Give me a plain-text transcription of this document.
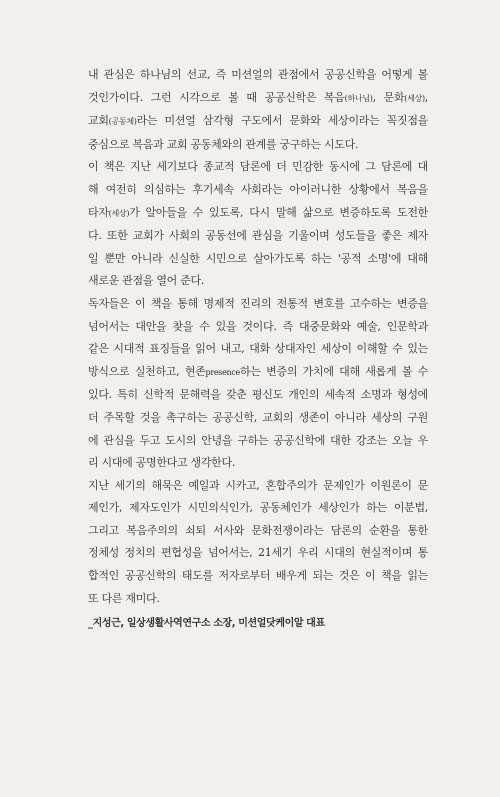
내 관심은 하나님의 선교, 즉 미션얼의 관점에서 공공신학을 어떻게 볼
것인가이다. 그런 시각으로 볼 때 공공신학은 복음(하나님), 문화(세상),
교회(공동체)라는 미션얼 삼각형 구도에서 문화와 세상이라는 꼭짓점을
중심으로 복음과 교회 공동체와의 관계를 궁구하는 시도다.

이 책은 지난 세기보다 종교적 담론에 더 민감한 동시에 그 담론에 대
해 여전히 의심하는 후기세속 사회라는 아이러니한 상황에서 복음을
타자(세상)가 알아들을 수 있도록, 다시 말해 삶으로 변증하도록 도전한
다. 또한 교회가 사회의 공동선에 관심을 기울이며 성도들을 좋은 제자
일 뿐만 아니라 신실한 시민으로 살아가도록 하는 '공적 소명'에 대해
새로운 관점을 열어 준다.

독자들은 이 책을 통해 명제적 진리의 전통적 변호를 고수하는 변증을
넘어서는 대안을 찾을 수 있을 것이다. 즉 대중문화와 예술, 인문학과
같은 시대적 표징들을 읽어 내고, 대화 상대자인 세상이 이해할 수 있는
방식으로 실천하고, 현존presence하는 변증의 가치에 대해 새롭게 볼 수
있다. 특히 신학적 문해력을 갖춘 평신도 개인의 세속적 소명과 형성에
더 주목할 것을 촉구하는 공공신학, 교회의 생존이 아니라 세상의 구원
에 관심을 두고 도시의 안녕을 구하는 공공신학에 대한 강조는 오늘 우
리 시대에 공명한다고 생각한다.

지난 세기의 해묵은 예일과 시카고, 혼합주의가 문제인가 이원론이 문
제인가, 제자도인가 시민의식인가, 공동체인가 세상인가 하는 이분법,
그리고 복음주의의 쇠퇴 서사와 문화전쟁이라는 담론의 순환을 통한
정체성 정치의 편협성을 넘어서는, 21세기 우리 시대의 현실적이며 통
합적인 공공신학의 태도를 저자로부터 배우게 되는 것은 이 책을 읽는
또 다른 재미다.

_지성근, 일상생활사역연구소 소장, 미션얼닷케이알 대표
